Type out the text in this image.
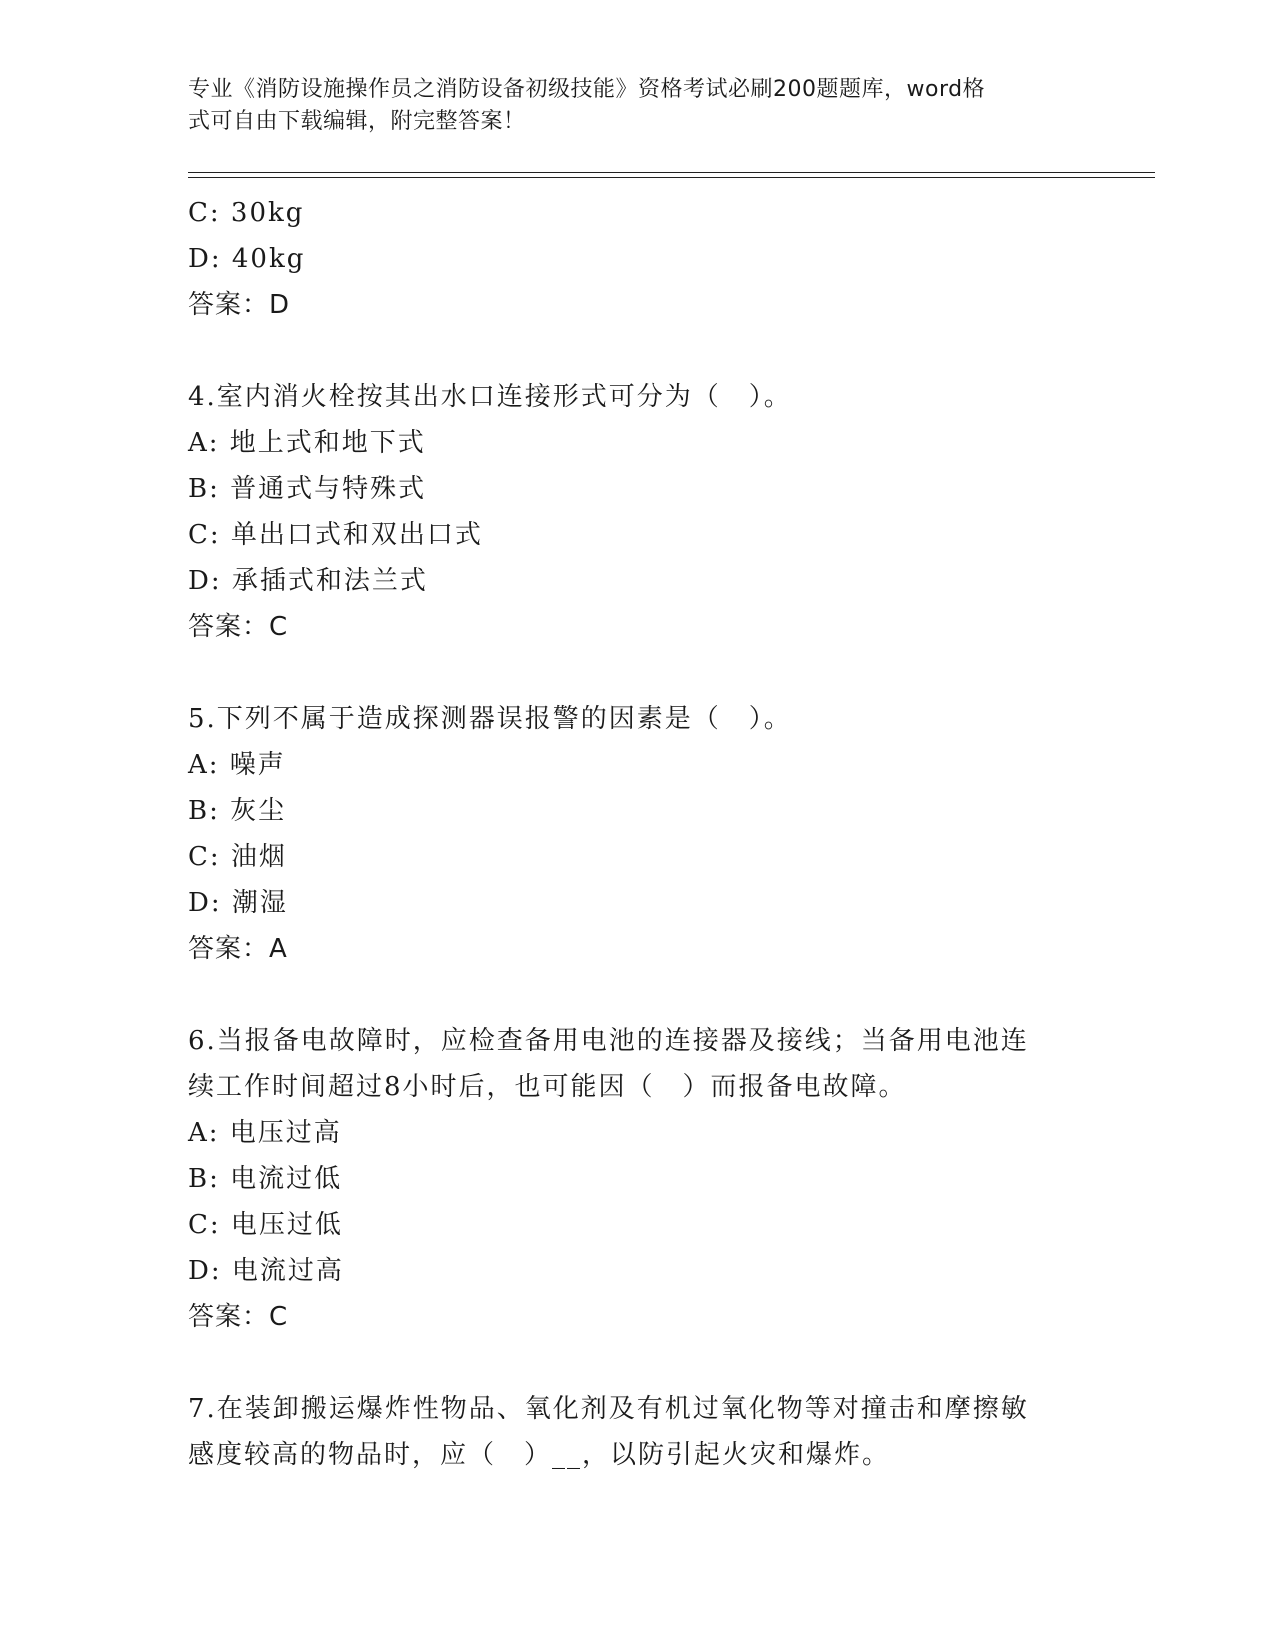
专业《消防设施操作员之消防设备初级技能》资格考试必刷200题题库，word格
式可自由下载编辑，附完整答案！
C: 30kg
D: 40kg
答案：D
4.室内消火栓按其出水口连接形式可分为（　）。
A: 地上式和地下式
B: 普通式与特殊式
C: 单出口式和双出口式
D: 承插式和法兰式
答案：C
5.下列不属于造成探测器误报警的因素是（　）。
A: 噪声
B: 灰尘
C: 油烟
D: 潮湿
答案：A
6.当报备电故障时，应检查备用电池的连接器及接线；当备用电池连
续工作时间超过8小时后，也可能因（　）而报备电故障。
A: 电压过高
B: 电流过低
C: 电压过低
D: 电流过高
答案：C
7.在装卸搬运爆炸性物品、氧化剂及有机过氧化物等对撞击和摩擦敏
感度较高的物品时，应（　）__，以防引起火灾和爆炸。
